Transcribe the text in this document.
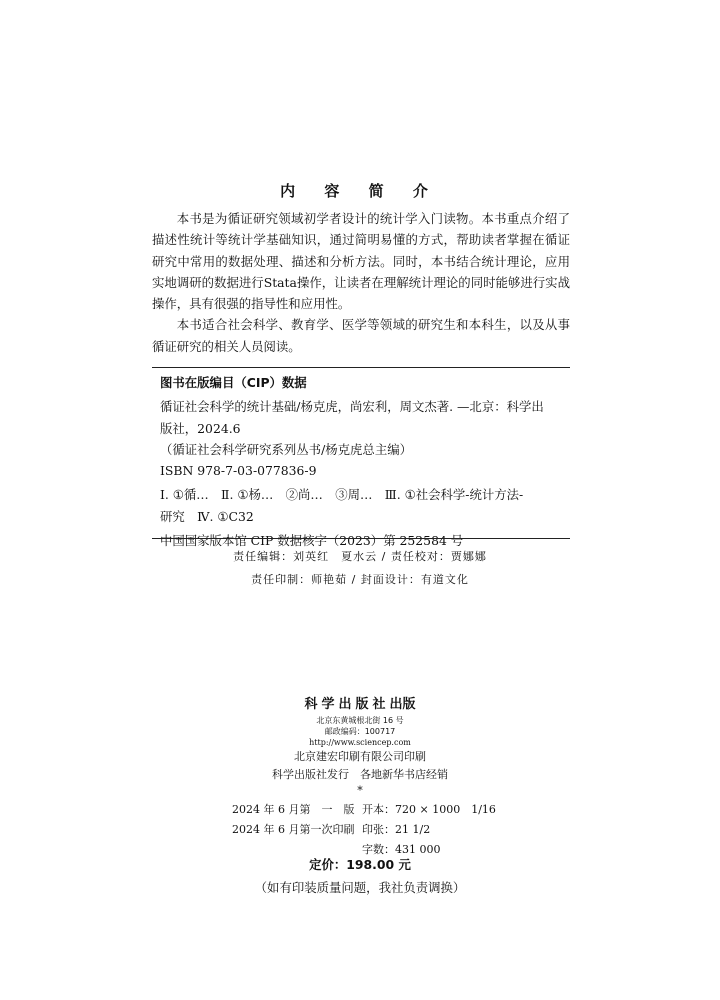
内 容 简 介

本书是为循证研究领域初学者设计的统计学入门读物。本书重点介绍了描述性统计等统计学基础知识，通过简明易懂的方式，帮助读者掌握在循证研究中常用的数据处理、描述和分析方法。同时，本书结合统计理论，应用实地调研的数据进行Stata操作，让读者在理解统计理论的同时能够进行实战操作，具有很强的指导性和应用性。

本书适合社会科学、教育学、医学等领域的研究生和本科生，以及从事循证研究的相关人员阅读。

图书在版编目（CIP）数据
循证社会科学的统计基础/杨克虎，尚宏利，周文杰著. —北京：科学出
版社，2024.6
（循证社会科学研究系列丛书/杨克虎总主编）
ISBN 978-7-03-077836-9
Ⅰ. ①循…　Ⅱ. ①杨…　②尚…　③周…　Ⅲ. ①社会科学-统计方法-
研究　Ⅳ. ①C32
中国国家版本馆 CIP 数据核字（2023）第 252584 号
责任编辑：刘英红　夏水云 / 责任校对：贾娜娜
责任印制：师艳茹 / 封面设计：有道文化
科学出版社出版
北京东黄城根北街 16 号
邮政编码：100717
http://www.sciencep.com
北京建宏印刷有限公司印刷
科学出版社发行　各地新华书店经销
*
2024 年 6 月第　一　版 开本：720 × 1000　1/16
2024 年 6 月第一次印刷 印张：21 1/2
字数：431 000
定价：198.00 元
（如有印装质量问题，我社负责调换）
